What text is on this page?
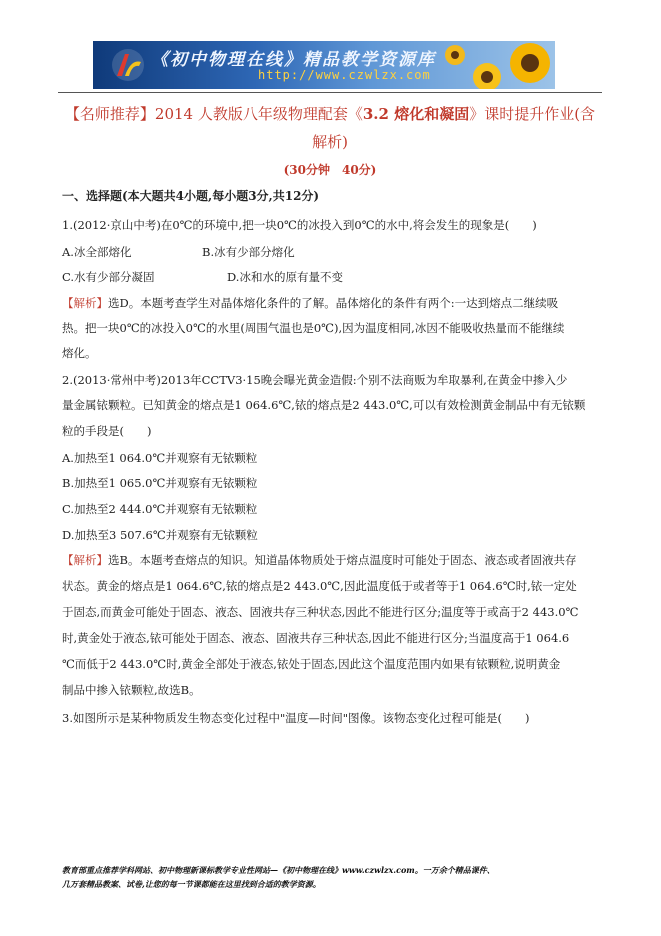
《初中物理在线》精品教学资源库
http://www.czwlzx.com
【名师推荐】2014 人教版八年级物理配套《3.2 熔化和凝固》课时提升作业(含
解析)
(30分钟　40分)
一、选择题(本大题共4小题,每小题3分,共12分)
1.(2012·京山中考)在0℃的环境中,把一块0℃的冰投入到0℃的水中,将会发生的现象是(　　)
A.冰全部熔化	B.冰有少部分熔化
C.水有少部分凝固	D.冰和水的原有量不变
【解析】选D。本题考查学生对晶体熔化条件的了解。晶体熔化的条件有两个:一达到熔点二继续吸
热。把一块0℃的冰投入0℃的水里(周围气温也是0℃),因为温度相同,冰因不能吸收热量而不能继续
熔化。
2.(2013·常州中考)2013年CCTV3·15晚会曝光黄金造假:个别不法商贩为牟取暴利,在黄金中掺入少
量金属铱颗粒。已知黄金的熔点是1 064.6℃,铱的熔点是2 443.0℃,可以有效检测黄金制品中有无铱颗
粒的手段是(　　)
A.加热至1 064.0℃并观察有无铱颗粒
B.加热至1 065.0℃并观察有无铱颗粒
C.加热至2 444.0℃并观察有无铱颗粒
D.加热至3 507.6℃并观察有无铱颗粒
【解析】选B。本题考查熔点的知识。知道晶体物质处于熔点温度时可能处于固态、液态或者固液共存
状态。黄金的熔点是1 064.6℃,铱的熔点是2 443.0℃,因此温度低于或者等于1 064.6℃时,铱一定处
于固态,而黄金可能处于固态、液态、固液共存三种状态,因此不能进行区分;温度等于或高于2 443.0℃
时,黄金处于液态,铱可能处于固态、液态、固液共存三种状态,因此不能进行区分;当温度高于1 064.6
℃而低于2 443.0℃时,黄金全部处于液态,铱处于固态,因此这个温度范围内如果有铱颗粒,说明黄金
制品中掺入铱颗粒,故选B。
3.如图所示是某种物质发生物态变化过程中"温度—时间"图像。该物态变化过程可能是(　　)
教育部重点推荐学科网站、初中物理新课标教学专业性网站—《初中物理在线》www.czwlzx.com。一万余个精品课件、
几万套精品教案、试卷,让您的每一节课都能在这里找到合适的教学资源。
